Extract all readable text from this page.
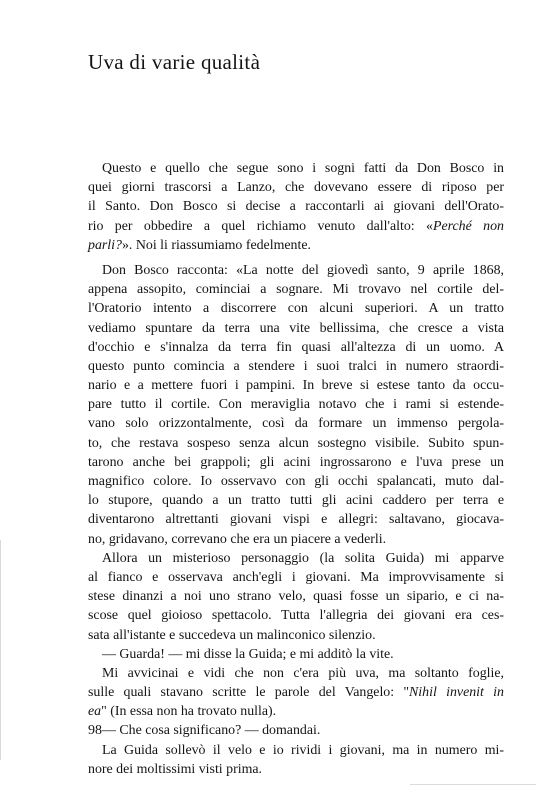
Uva di varie qualità
Questo e quello che segue sono i sogni fatti da Don Bosco in
quei giorni trascorsi a Lanzo, che dovevano essere di riposo per
il Santo. Don Bosco si decise a raccontarli ai giovani dell'Orato-
rio per obbedire a quel richiamo venuto dall'alto: «Perché non
parli?». Noi li riassumiamo fedelmente.
Don Bosco racconta: «La notte del giovedì santo, 9 aprile 1868,
appena assopito, cominciai a sognare. Mi trovavo nel cortile del-
l'Oratorio intento a discorrere con alcuni superiori. A un tratto
vediamo spuntare da terra una vite bellissima, che cresce a vista
d'occhio e s'innalza da terra fin quasi all'altezza di un uomo. A
questo punto comincia a stendere i suoi tralci in numero straordi-
nario e a mettere fuori i pampini. In breve si estese tanto da occu-
pare tutto il cortile. Con meraviglia notavo che i rami si estende-
vano solo orizzontalmente, così da formare un immenso pergola-
to, che restava sospeso senza alcun sostegno visibile. Subito spun-
tarono anche bei grappoli; gli acini ingrossarono e l'uva prese un
magnifico colore. Io osservavo con gli occhi spalancati, muto dal-
lo stupore, quando a un tratto tutti gli acini caddero per terra e
diventarono altrettanti giovani vispi e allegri: saltavano, giocava-
no, gridavano, correvano che era un piacere a vederli.
Allora un misterioso personaggio (la solita Guida) mi apparve
al fianco e osservava anch'egli i giovani. Ma improvvisamente si
stese dinanzi a noi uno strano velo, quasi fosse un sipario, e ci na-
scose quel gioioso spettacolo. Tutta l'allegria dei giovani era ces-
sata all'istante e succedeva un malinconico silenzio.
— Guarda! — mi disse la Guida; e mi additò la vite.
Mi avvicinai e vidi che non c'era più uva, ma soltanto foglie,
sulle quali stavano scritte le parole del Vangelo: "Nihil invenit in
ea" (In essa non ha trovato nulla).
— Che cosa significano? — domandai.
La Guida sollevò il velo e io rividi i giovani, ma in numero mi-
nore dei moltissimi visti prima.
98
